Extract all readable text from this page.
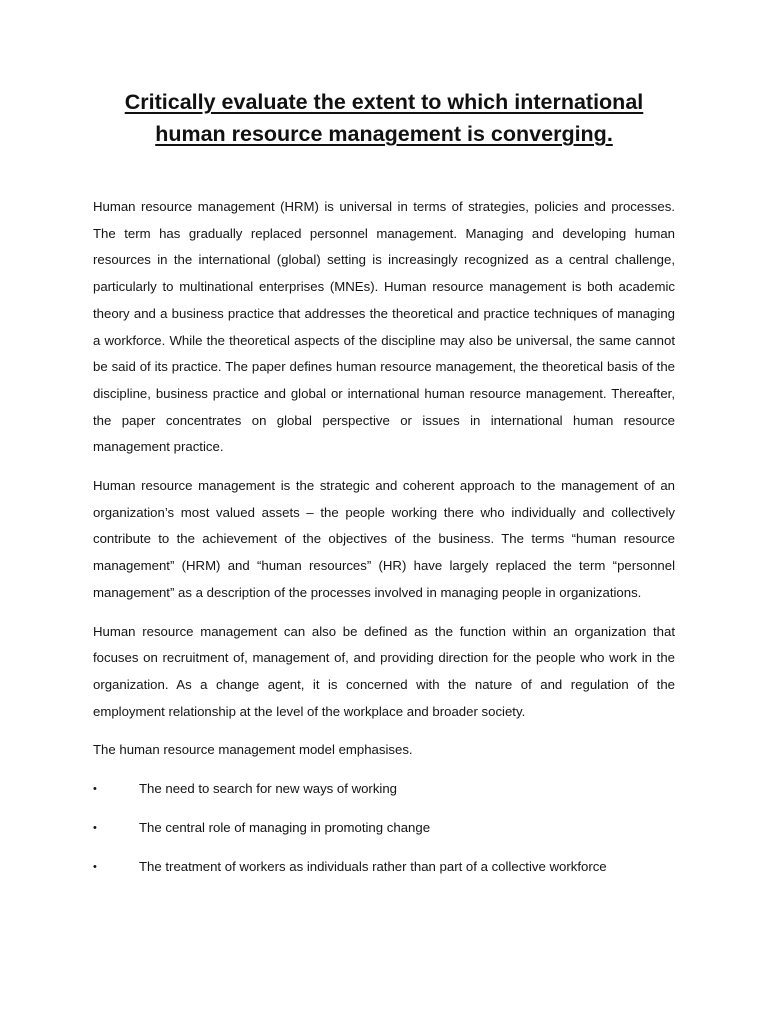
Critically evaluate the extent to which international
human resource management is converging.

Human resource management (HRM) is universal in terms of strategies, policies and processes. The term has gradually replaced personnel management. Managing and developing human resources in the international (global) setting is increasingly recognized as a central challenge, particularly to multinational enterprises (MNEs). Human resource management is both academic theory and a business practice that addresses the theoretical and practice techniques of managing a workforce. While the theoretical aspects of the discipline may also be universal, the same cannot be said of its practice. The paper defines human resource management, the theoretical basis of the discipline, business practice and global or international human resource management. Thereafter, the paper concentrates on global perspective or issues in international human resource management practice.

Human resource management is the strategic and coherent approach to the management of an organization’s most valued assets – the people working there who individually and collectively contribute to the achievement of the objectives of the business. The terms “human resource management” (HRM) and “human resources” (HR) have largely replaced the term “personnel management” as a description of the processes involved in managing people in organizations.

Human resource management can also be defined as the function within an organization that focuses on recruitment of, management of, and providing direction for the people who work in the organization. As a change agent, it is concerned with the nature of and regulation of the employment relationship at the level of the workplace and broader society.

The human resource management model emphasises.

•	The need to search for new ways of working
•	The central role of managing in promoting change
•	The treatment of workers as individuals rather than part of a collective workforce
